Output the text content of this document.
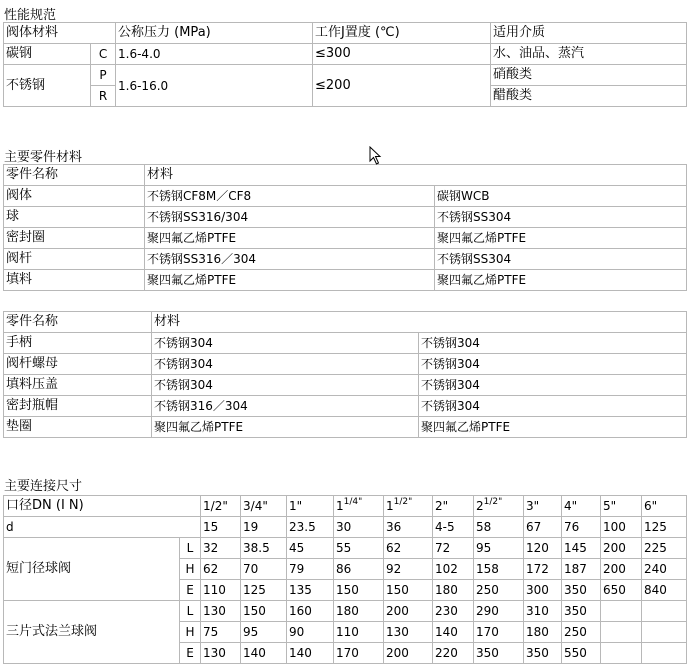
性能规范
阀体材料		公称压力 (MPa)	工作J置度 (℃)	适用介质
碳钢	C	1.6-4.0	≤300	水、油品、蒸汽
不锈钢	P	1.6-16.0	≤200	硝酸类
	R			醋酸类
主要零件材料
零件名称	材料	
阀体	不锈钢CF8M／CF8	碳钢WCB
球	不锈钢SS316/304	不锈钢SS304
密封圈	聚四氟乙烯PTFE	聚四氟乙烯PTFE
阀杆	不锈钢SS316／304	不锈钢SS304
填料	聚四氟乙烯PTFE	聚四氟乙烯PTFE
零件名称	材料	
手柄	不锈钢304	不锈钢304
阀杆螺母	不锈钢304	不锈钢304
填料压盖	不锈钢304	不锈钢304
密封瓶帽	不锈钢316／304	不锈钢304
垫圈	聚四氟乙烯PTFE	聚四氟乙烯PTFE
主要连接尺寸
口径DN (I N)		1/2"	3/4"	1"	$1^{1/4"}$	$1^{1/2"}$	2"	$2^{1/2"}$	3"	4"	5"	6"
d		15	19	23.5	30	36	4-5	58	67	76	100	125
短门径球阀	L	32	38.5	45	55	62	72	95	120	145	200	225
	H	62	70	79	86	92	102	158	172	187	200	240
	E	110	125	135	150	150	180	250	300	350	650	840
三片式法兰球阀	L	130	150	160	180	200	230	290	310	350		
	H	75	95	90	110	130	140	170	180	250		
	E	130	140	140	170	200	220	350	350	550		
